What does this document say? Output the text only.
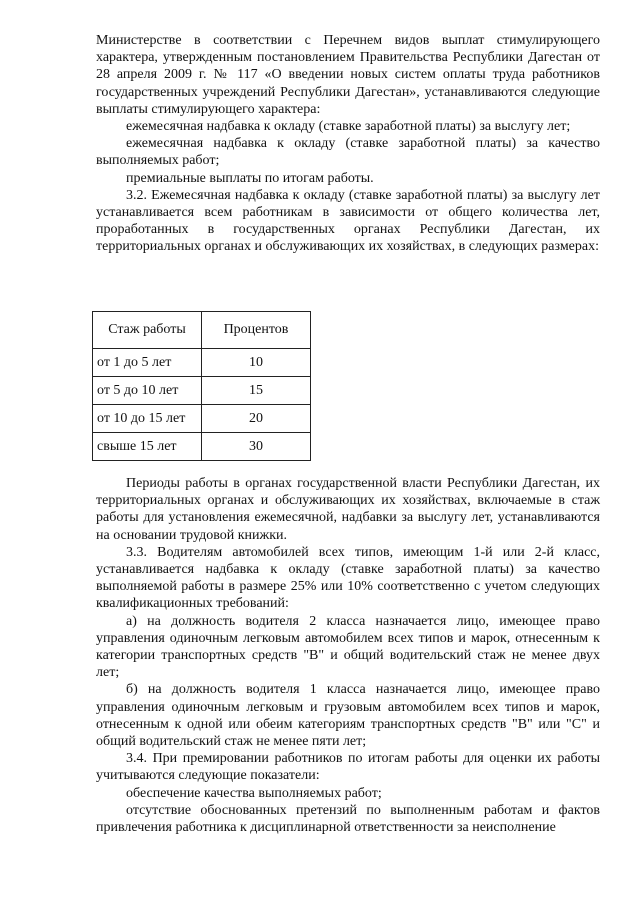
Министерстве в соответствии с Перечнем видов выплат стимулирующего характера, утвержденным постановлением Правительства Республики Дагестан от 28 апреля 2009 г. № 117 «О введении новых систем оплаты труда работников государственных учреждений Республики Дагестан», устанавливаются следующие выплаты стимулирующего характера:

ежемесячная надбавка к окладу (ставке заработной платы) за выслугу лет;

ежемесячная надбавка к окладу (ставке заработной платы) за качество выполняемых работ;

премиальные выплаты по итогам работы.

3.2. Ежемесячная надбавка к окладу (ставке заработной платы) за выслугу лет устанавливается всем работникам в зависимости от общего количества лет, проработанных в государственных органах Республики Дагестан, их территориальных органах и обслуживающих их хозяйствах, в следующих размерах:

Стаж работы	Процентов
от 1 до 5 лет	10
от 5 до 10 лет	15
от 10 до 15 лет	20
свыше 15 лет	30

Периоды работы в органах государственной власти Республики Дагестан, их территориальных органах и обслуживающих их хозяйствах, включаемые в стаж работы для установления ежемесячной, надбавки за выслугу лет, устанавливаются на основании трудовой книжки.

3.3. Водителям автомобилей всех типов, имеющим 1-й или 2-й класс, устанавливается надбавка к окладу (ставке заработной платы) за качество выполняемой работы в размере 25% или 10% соответственно с учетом следующих квалификационных требований:

а) на должность водителя 2 класса назначается лицо, имеющее право управления одиночным легковым автомобилем всех типов и марок, отнесенным к категории транспортных средств "В" и общий водительский стаж не менее двух лет;

б) на должность водителя 1 класса назначается лицо, имеющее право управления одиночным легковым и грузовым автомобилем всех типов и марок, отнесенным к одной или обеим категориям транспортных средств "В" или "С" и общий водительский стаж не менее пяти лет;

3.4. При премировании работников по итогам работы для оценки их работы учитываются следующие показатели:

обеспечение качества выполняемых работ;

отсутствие обоснованных претензий по выполненным работам и фактов привлечения работника к дисциплинарной ответственности за неисполнение
